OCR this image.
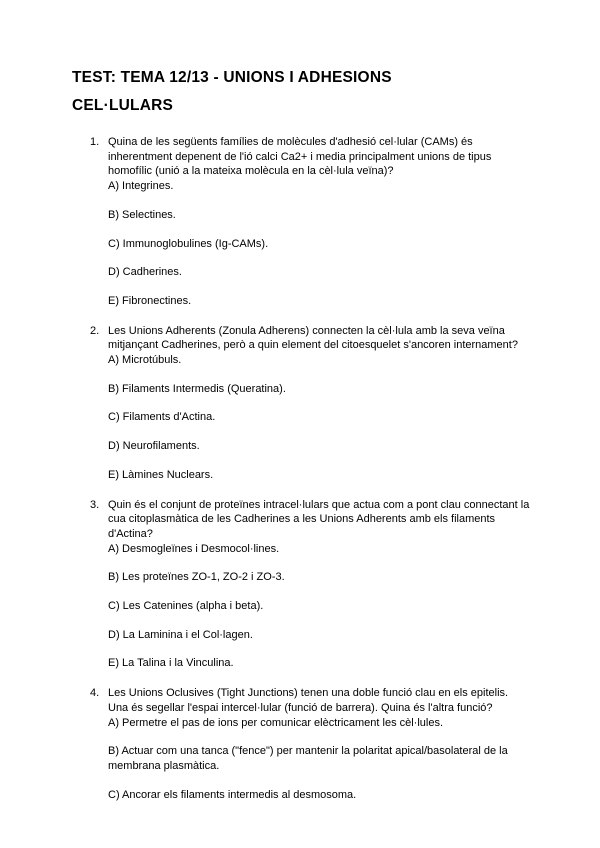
TEST: TEMA 12/13 - UNIONS I ADHESIONS
CEL·LULARS
1. Quina de les següents famílies de molècules d'adhesió cel·lular (CAMs) és inherentment depenent de l'ió calci Ca2+ i media principalment unions de tipus homofílic (unió a la mateixa molècula en la cèl·lula veïna)?
A) Integrines.
B) Selectines.
C) Immunoglobulines (Ig-CAMs).
D) Cadherines.
E) Fibronectines.
2. Les Unions Adherents (Zonula Adherens) connecten la cèl·lula amb la seva veïna mitjançant Cadherines, però a quin element del citoesquelet s'ancoren internament?
A) Microtúbuls.
B) Filaments Intermedis (Queratina).
C) Filaments d'Actina.
D) Neurofilaments.
E) Làmines Nuclears.
3. Quin és el conjunt de proteïnes intracel·lulars que actua com a pont clau connectant la cua citoplasmàtica de les Cadherines a les Unions Adherents amb els filaments d'Actina?
A) Desmogleïnes i Desmocol·lines.
B) Les proteïnes ZO-1, ZO-2 i ZO-3.
C) Les Catenines (alpha i beta).
D) La Laminina i el Col·lagen.
E) La Talina i la Vinculina.
4. Les Unions Oclusives (Tight Junctions) tenen una doble funció clau en els epitelis. Una és segellar l'espai intercel·lular (funció de barrera). Quina és l'altra funció?
A) Permetre el pas de ions per comunicar elèctricament les cèl·lules.
B) Actuar com una tanca ("fence") per mantenir la polaritat apical/basolateral de la membrana plasmàtica.
C) Ancorar els filaments intermedis al desmosoma.
